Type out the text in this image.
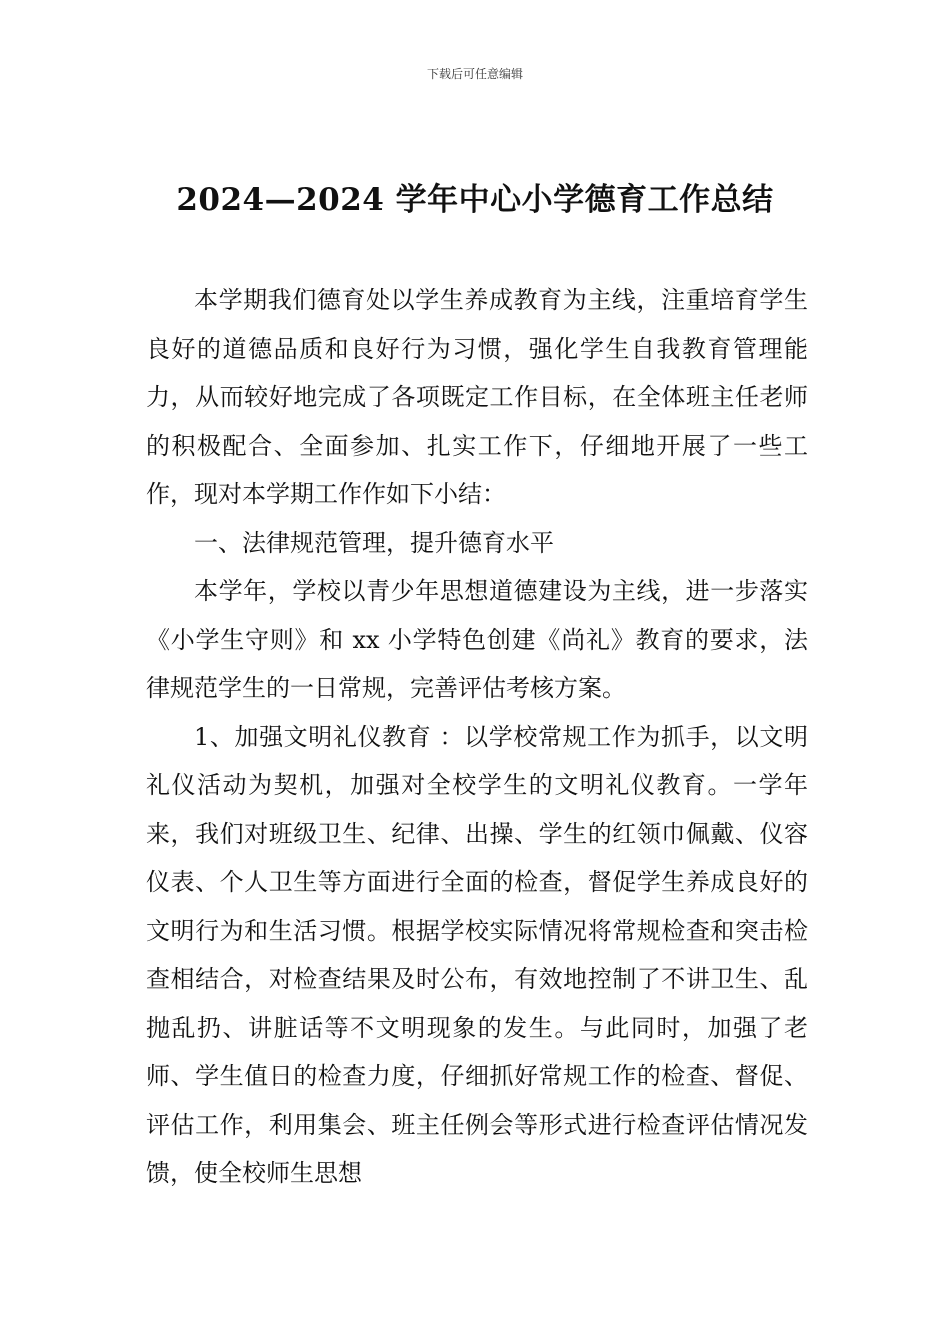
下载后可任意编辑
2024—2024 学年中心小学德育工作总结

本学期我们德育处以学生养成教育为主线，注重培育学生良好的道德品质和良好行为习惯，强化学生自我教育管理能力，从而较好地完成了各项既定工作目标，在全体班主任老师的积极配合、全面参加、扎实工作下，仔细地开展了一些工作，现对本学期工作作如下小结：

一、法律规范管理，提升德育水平

本学年，学校以青少年思想道德建设为主线，进一步落实《小学生守则》和 xx 小学特色创建《尚礼》教育的要求，法律规范学生的一日常规，完善评估考核方案。

1、加强文明礼仪教育 ：以学校常规工作为抓手，以文明礼仪活动为契机，加强对全校学生的文明礼仪教育。一学年来，我们对班级卫生、纪律、出操、学生的红领巾佩戴、仪容仪表、个人卫生等方面进行全面的检查，督促学生养成良好的文明行为和生活习惯。根据学校实际情况将常规检查和突击检查相结合，对检查结果及时公布，有效地控制了不讲卫生、乱抛乱扔、讲脏话等不文明现象的发生。与此同时，加强了老师、学生值日的检查力度，仔细抓好常规工作的检查、督促、评估工作，利用集会、班主任例会等形式进行检查评估情况发馈，使全校师生思想
